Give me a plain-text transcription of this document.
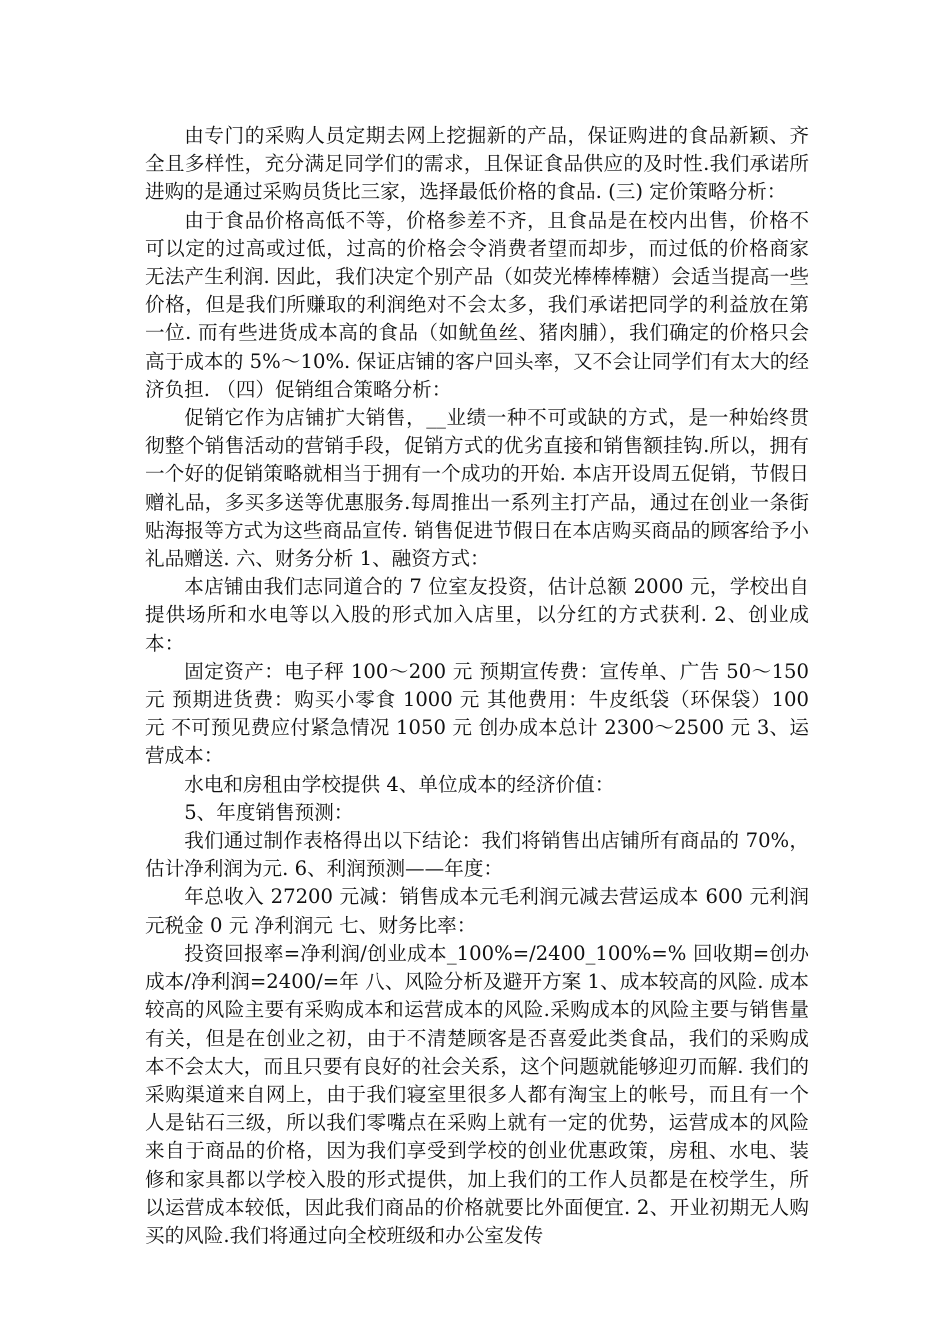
由专门的采购人员定期去网上挖掘新的产品，保证购进的食品新颖、齐全且多样性，充分满足同学们的需求，且保证食品供应的及时性.我们承诺所进购的是通过采购员货比三家，选择最低价格的食品. (三) 定价策略分析：

由于食品价格高低不等，价格参差不齐，且食品是在校内出售，价格不可以定的过高或过低，过高的价格会令消费者望而却步，而过低的价格商家无法产生利润. 因此，我们决定个别产品（如荧光棒棒棒糖）会适当提高一些价格，但是我们所赚取的利润绝对不会太多，我们承诺把同学的利益放在第一位. 而有些进货成本高的食品（如鱿鱼丝、猪肉脯），我们确定的价格只会高于成本的 5%～10%. 保证店铺的客户回头率，又不会让同学们有太大的经济负担. （四）促销组合策略分析：

促销它作为店铺扩大销售，__业绩一种不可或缺的方式，是一种始终贯彻整个销售活动的营销手段，促销方式的优劣直接和销售额挂钩.所以，拥有一个好的促销策略就相当于拥有一个成功的开始. 本店开设周五促销，节假日赠礼品，多买多送等优惠服务.每周推出一系列主打产品，通过在创业一条街贴海报等方式为这些商品宣传. 销售促进节假日在本店购买商品的顾客给予小礼品赠送. 六、财务分析 1、融资方式：

本店铺由我们志同道合的 7 位室友投资，估计总额 2000 元，学校出自提供场所和水电等以入股的形式加入店里，以分红的方式获利. 2、创业成本：

固定资产：电子秤 100～200 元 预期宣传费：宣传单、广告 50～150 元 预期进货费：购买小零食 1000 元 其他费用：牛皮纸袋（环保袋）100 元 不可预见费应付紧急情况 1050 元 创办成本总计 2300～2500 元 3、运营成本：

水电和房租由学校提供 4、单位成本的经济价值：

5、年度销售预测：

我们通过制作表格得出以下结论：我们将销售出店铺所有商品的 70%，估计净利润为元. 6、利润预测——年度：

年总收入 27200 元减：销售成本元毛利润元减去营运成本 600 元利润元税金 0 元 净利润元 七、财务比率：

投资回报率=净利润/创业成本_100%=/2400_100%=% 回收期=创办成本/净利润=2400/=年 八、风险分析及避开方案 1、成本较高的风险. 成本较高的风险主要有采购成本和运营成本的风险.采购成本的风险主要与销售量有关，但是在创业之初，由于不清楚顾客是否喜爱此类食品，我们的采购成本不会太大，而且只要有良好的社会关系，这个问题就能够迎刃而解. 我们的采购渠道来自网上，由于我们寝室里很多人都有淘宝上的帐号，而且有一个人是钻石三级，所以我们零嘴点在采购上就有一定的优势，运营成本的风险来自于商品的价格，因为我们享受到学校的创业优惠政策，房租、水电、装修和家具都以学校入股的形式提供，加上我们的工作人员都是在校学生，所以运营成本较低，因此我们商品的价格就要比外面便宜. 2、开业初期无人购买的风险.我们将通过向全校班级和办公室发传
